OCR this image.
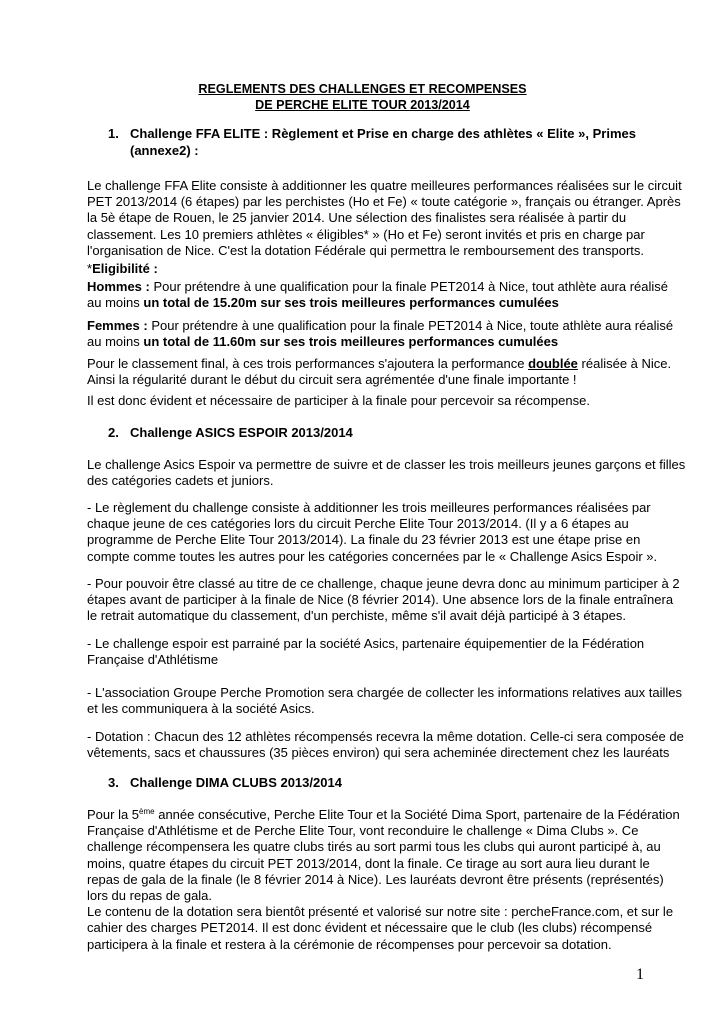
REGLEMENTS DES CHALLENGES ET RECOMPENSES
DE PERCHE ELITE TOUR 2013/2014
1. Challenge FFA ELITE : Règlement et Prise en charge des athlètes « Elite », Primes
(annexe2) :
Le challenge FFA Elite consiste à additionner les quatre meilleures performances réalisées sur le circuit
PET 2013/2014 (6 étapes) par les perchistes (Ho et Fe) « toute catégorie », français ou étranger. Après
la 5è étape de Rouen, le 25 janvier 2014. Une sélection des finalistes sera réalisée à partir du
classement. Les 10 premiers athlètes « éligibles* » (Ho et Fe) seront invités et pris en charge par
l'organisation de Nice. C'est la dotation Fédérale qui permettra le remboursement des transports.
*Eligibilité :
Hommes : Pour prétendre à une qualification pour la finale PET2014 à Nice, tout athlète aura réalisé
au moins un total de 15.20m sur ses trois meilleures performances cumulées
Femmes : Pour prétendre à une qualification pour la finale PET2014 à Nice, toute athlète aura réalisé
au moins un total de 11.60m sur ses trois meilleures performances cumulées
Pour le classement final, à ces trois performances s'ajoutera la performance doublée réalisée à Nice.
Ainsi la régularité durant le début du circuit sera agrémentée d'une finale importante !
Il est donc évident et nécessaire de participer à la finale pour percevoir sa récompense.
2. Challenge ASICS ESPOIR 2013/2014
Le challenge Asics Espoir va permettre de suivre et de classer les trois meilleurs jeunes garçons et filles
des catégories cadets et juniors.
- Le règlement du challenge consiste à additionner les trois meilleures performances réalisées par
chaque jeune de ces catégories lors du circuit Perche Elite Tour 2013/2014. (Il y a 6 étapes au
programme de Perche Elite Tour 2013/2014). La finale du 23 février 2013 est une étape prise en
compte comme toutes les autres pour les catégories concernées par le « Challenge Asics Espoir ».
- Pour pouvoir être classé au titre de ce challenge, chaque jeune devra donc au minimum participer à 2
étapes avant de participer à la finale de Nice (8 février 2014). Une absence lors de la finale entraînera
le retrait automatique du classement, d'un perchiste, même s'il avait déjà participé à 3 étapes.
- Le challenge espoir est parrainé par la société Asics, partenaire équipementier de la Fédération
Française d'Athlétisme
- L'association Groupe Perche Promotion sera chargée de collecter les informations relatives aux tailles
et les communiquera à la société Asics.
- Dotation : Chacun des 12 athlètes récompensés recevra la même dotation. Celle-ci sera composée de
vêtements, sacs et chaussures (35 pièces environ) qui sera acheminée directement chez les lauréats
3. Challenge DIMA CLUBS 2013/2014
Pour la 5ème année consécutive, Perche Elite Tour et la Société Dima Sport, partenaire de la Fédération
Française d'Athlétisme et de Perche Elite Tour, vont reconduire le challenge « Dima Clubs ». Ce
challenge récompensera les quatre clubs tirés au sort parmi tous les clubs qui auront participé à, au
moins, quatre étapes du circuit PET 2013/2014, dont la finale. Ce tirage au sort aura lieu durant le
repas de gala de la finale (le 8 février 2014 à Nice). Les lauréats devront être présents (représentés)
lors du repas de gala.
Le contenu de la dotation sera bientôt présenté et valorisé sur notre site : percheFrance.com, et sur le
cahier des charges PET2014. Il est donc évident et nécessaire que le club (les clubs) récompensé
participera à la finale et restera à la cérémonie de récompenses pour percevoir sa dotation.
1
